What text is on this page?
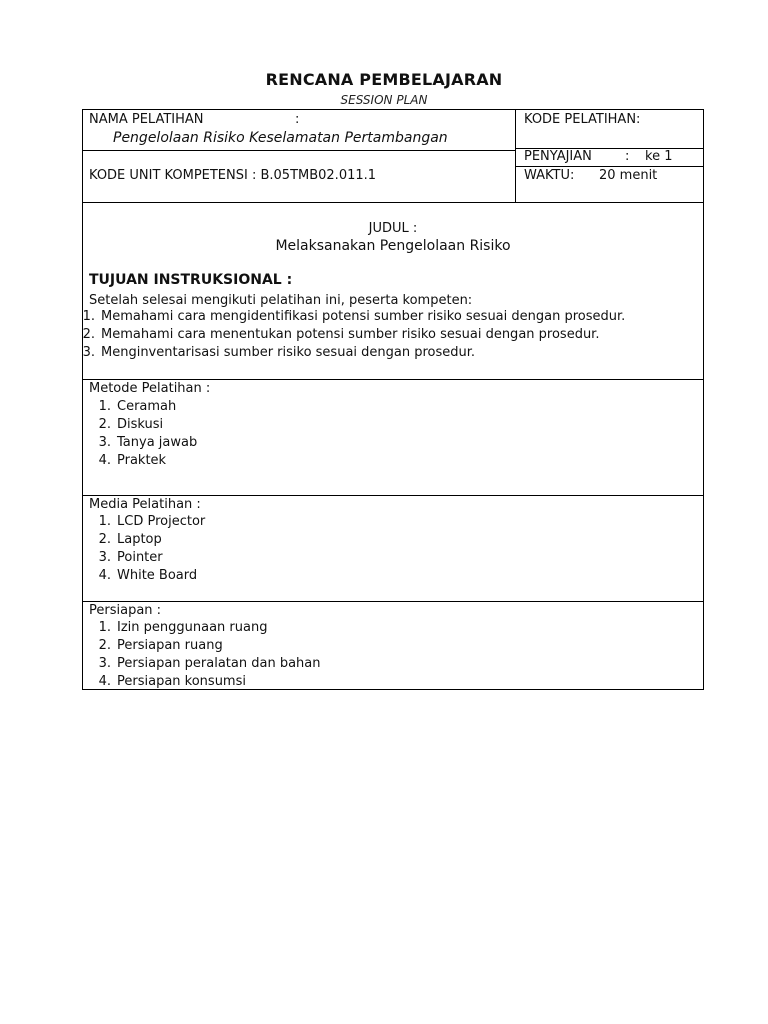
RENCANA PEMBELAJARAN
SESSION PLAN
NAMA PELATIHAN	:
Pengelolaan Risiko Keselamatan Pertambangan
KODE PELATIHAN:
KODE UNIT KOMPETENSI : B.05TMB02.011.1
PENYAJIAN	: ke 1
WAKTU: 20 menit
JUDUL :
Melaksanakan Pengelolaan Risiko
TUJUAN INSTRUKSIONAL :
Setelah selesai mengikuti pelatihan ini, peserta kompeten:
1. Memahami cara mengidentifikasi potensi sumber risiko sesuai dengan prosedur.
2. Memahami cara menentukan potensi sumber risiko sesuai dengan prosedur.
3. Menginventarisasi sumber risiko sesuai dengan prosedur.
Metode Pelatihan :
1. Ceramah
2. Diskusi
3. Tanya jawab
4. Praktek
Media Pelatihan :
1. LCD Projector
2. Laptop
3. Pointer
4. White Board
Persiapan :
1. Izin penggunaan ruang
2. Persiapan ruang
3. Persiapan peralatan dan bahan
4. Persiapan konsumsi
